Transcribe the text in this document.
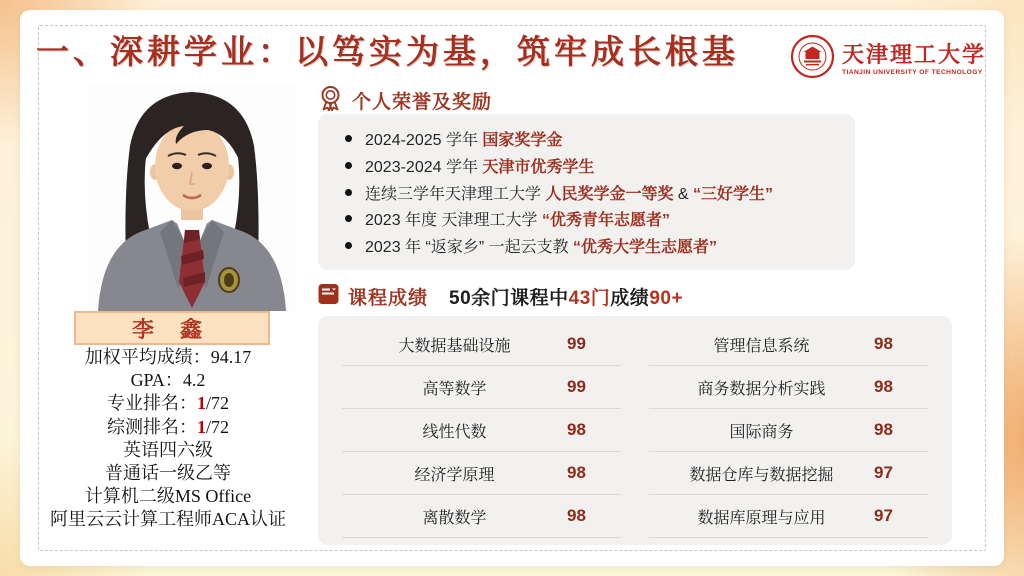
一、深耕学业：以笃实为基，筑牢成长根基	天津理工大学
TIANJIN UNIVERSITY OF TECHNOLOGY
李 鑫
加权平均成绩：94.17
GPA：4.2
专业排名：1/72
综测排名：1/72
英语四六级
普通话一级乙等
计算机二级MS Office
阿里云云计算工程师ACA认证
个人荣誉及奖励
2024-2025 学年 国家奖学金
2023-2024 学年 天津市优秀学生
连续三学年天津理工大学 人民奖学金一等奖 & “三好学生”
2023 年度 天津理工大学 “优秀青年志愿者”
2023 年 “返家乡” 一起云支教 “优秀大学生志愿者”
课程成绩 50余门课程中43门成绩90+
大数据基础设施	99
高等数学	99
线性代数	98
经济学原理	98
离散数学	98
管理信息系统	98
商务数据分析实践	98
国际商务	98
数据仓库与数据挖掘	97
数据库原理与应用	97
